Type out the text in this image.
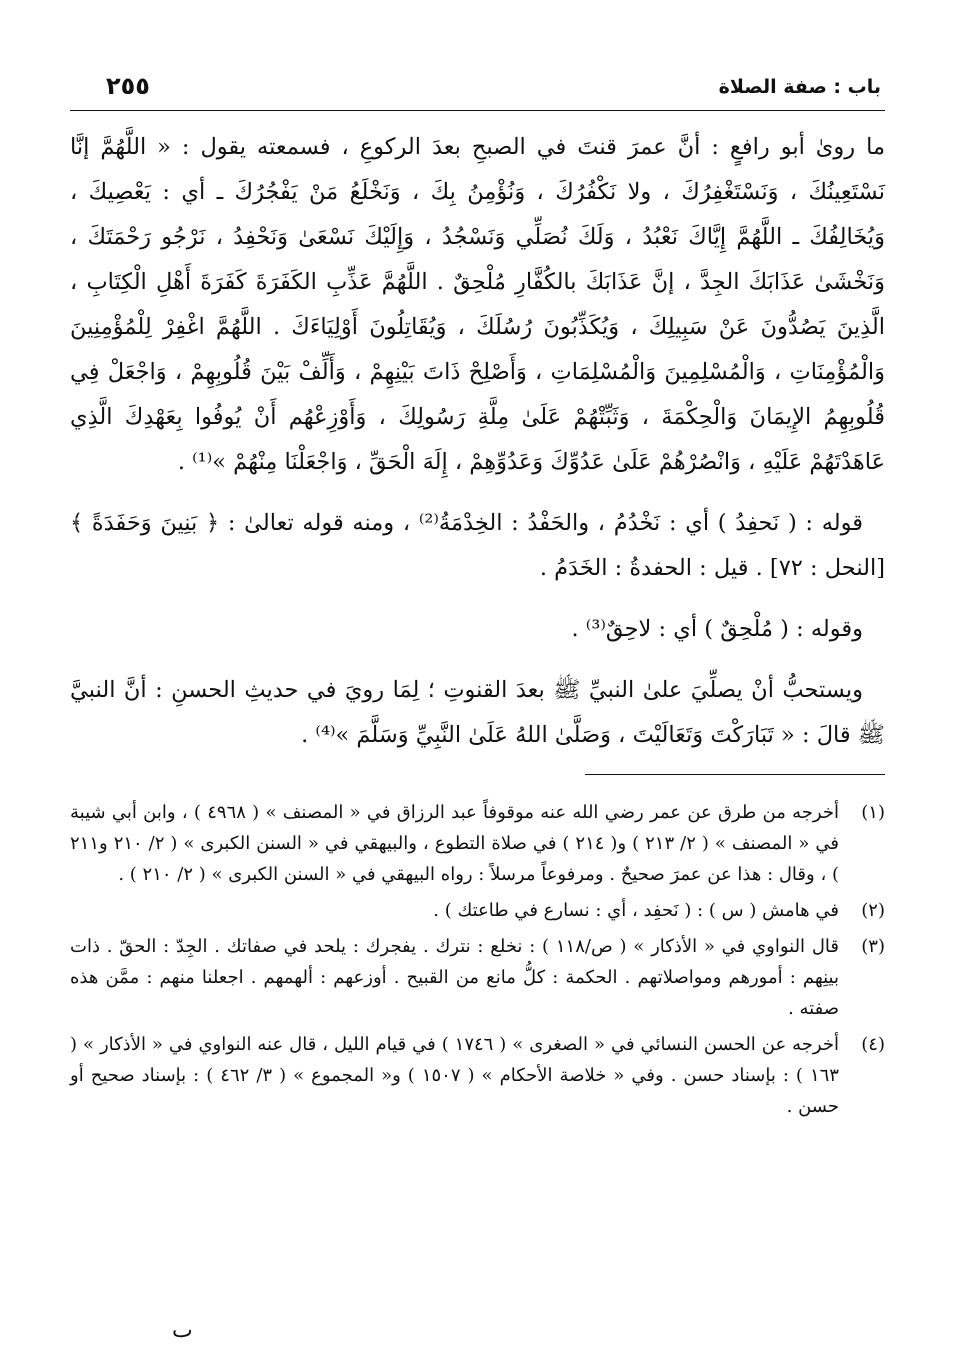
باب : صفة الصلاة
٢٥٥

ما رویٰ أبو رافعٍ : أنَّ عمرَ قنتَ في الصبحِ بعدَ الركوعِ ، فسمعته يقول : « اللَّهُمَّ إنَّا نَسْتَعِينُكَ ، وَنَسْتَغْفِرُكَ ، ولا نَكْفُرُكَ ، وَنُؤْمِنُ بِكَ ، وَنَخْلَعُ مَنْ يَفْجُرُكَ ـ أي : يَعْصِيكَ ، وَيُخَالِفُكَ ـ اللَّهُمَّ إِيَّاكَ نَعْبُدُ ، وَلَكَ نُصَلِّي وَنَسْجُدُ ، وَإِلَيْكَ نَسْعَىٰ وَنَحْفِدُ ، نَرْجُو رَحْمَتَكَ ، وَنَخْشَىٰ عَذَابَكَ الجِدَّ ، إنَّ عَذَابَكَ بالكُفَّارِ مُلْحِقٌ . اللَّهُمَّ عَذِّبِ الكَفَرَةَ كَفَرَةَ أَهْلِ الْكِتَابِ ، الَّذِينَ يَصُدُّونَ عَنْ سَبِيلِكَ ، وَيُكَذِّبُونَ رُسُلَكَ ، وَيُقَاتِلُونَ أَوْلِيَاءَكَ . اللَّهُمَّ اغْفِرْ لِلْمُؤْمِنِينَ وَالْمُؤْمِنَاتِ ، وَالْمُسْلِمِينَ وَالْمُسْلِمَاتِ ، وَأَصْلِحْ ذَاتَ بَيْنِهِمْ ، وَأَلِّفْ بَيْنَ قُلُوبِهِمْ ، وَاجْعَلْ فِي قُلُوبِهِمُ الإِيمَانَ وَالْحِكْمَةَ ، وَثَبِّتْهُمْ عَلَىٰ مِلَّةِ رَسُولِكَ ، وَأَوْزِعْهُم أَنْ يُوفُوا بِعَهْدِكَ الَّذِي عَاهَدْتَهُمْ عَلَيْهِ ، وَانْصُرْهُمْ عَلَىٰ عَدُوِّكَ وَعَدُوِّهِمْ ، إِلَهَ الْحَقِّ ، وَاجْعَلْنَا مِنْهُمْ »⁽¹⁾ .

قوله : ( نَحفِدُ ) أي : نَخْدُمُ ، والحَفْدُ : الخِدْمَةُ⁽²⁾ ، ومنه قوله تعالىٰ : ﴿ بَنِينَ وَحَفَدَةً ﴾ [النحل : ٧٢] . قيل : الحفدةُ : الخَدَمُ .

وقوله : ( مُلْحِقٌ ) أي : لاحِقٌ⁽³⁾ .

ويستحبُّ أنْ يصلِّيَ علىٰ النبيِّ ﷺ بعدَ القنوتِ ؛ لِمَا رويَ في حديثِ الحسنِ : أنَّ النبيَّ ﷺ قالَ : « تَبَارَكْتَ وَتَعَالَيْتَ ، وَصَلَّىٰ اللهُ عَلَىٰ النَّبِيِّ وَسَلَّمَ »⁽⁴⁾ .

(١)
أخرجه من طرق عن عمر رضي الله عنه موقوفاً عبد الرزاق في « المصنف » ( ٤٩٦٨ ) ، وابن أبي شيبة في « المصنف » ( ٢/ ٢١٣ ) و( ٢١٤ ) في صلاة التطوع ، والبيهقي في « السنن الكبرى » ( ٢/ ٢١٠ و٢١١ ) ، وقال : هذا عن عمرَ صحيحٌ . ومرفوعاً مرسلاً : رواه البيهقي في « السنن الكبرى » ( ٢/ ٢١٠ ) .
(٢)
في هامش ( س ) : ( نَحفِد ، أي : نسارع في طاعتك ) .
(٣)
قال النواوي في « الأذكار » ( ص/١١٨ ) : نخلع : نترك . يفجرك : يلحد في صفاتك . الجِدّ : الحقّ . ذات بينِهم : أمورهم ومواصلاتهم . الحكمة : كلُّ مانع من القبيح . أوزعهم : ألهمهم . اجعلنا منهم : ممَّن هذه صفته .
(٤)
أخرجه عن الحسن النسائي في « الصغرى » ( ١٧٤٦ ) في قيام الليل ، قال عنه النواوي في « الأذكار » ( ١٦٣ ) : بإسناد حسن . وفي « خلاصة الأحكام » ( ١٥٠٧ ) و« المجموع » ( ٣/ ٤٦٢ ) : بإسناد صحيح أو حسن .
ٮ
